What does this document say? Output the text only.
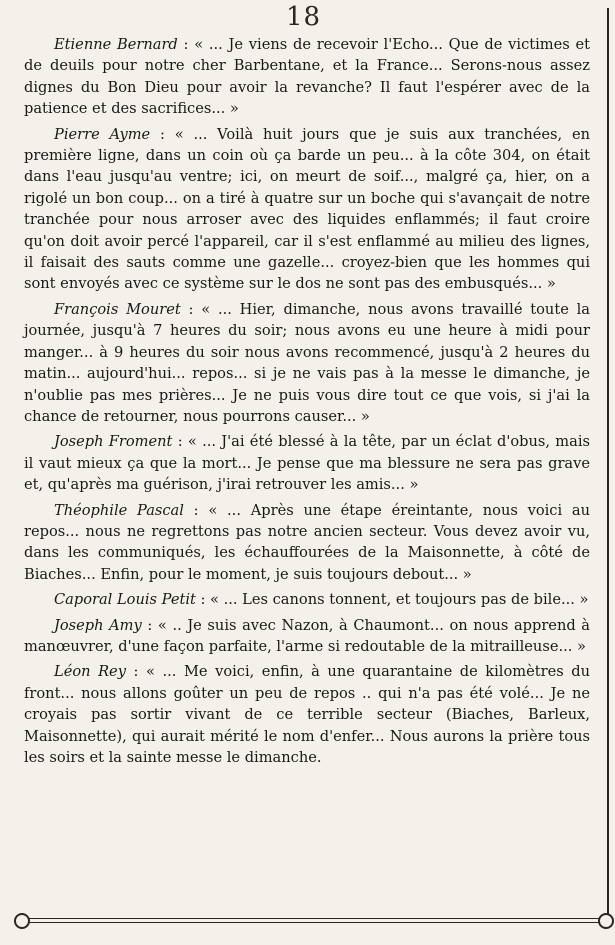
18

Etienne Bernard : « ... Je viens de recevoir l'Echo... Que de victimes et de deuils pour notre cher Barbentane, et la France... Serons-nous assez dignes du Bon Dieu pour avoir la revanche? Il faut l'espérer avec de la patience et des sacrifices... »

Pierre Ayme : « ... Voilà huit jours que je suis aux tranchées, en première ligne, dans un coin où ça barde un peu... à la côte 304, on était dans l'eau jusqu'au ventre; ici, on meurt de soif..., malgré ça, hier, on a rigolé un bon coup... on a tiré à quatre sur un boche qui s'avançait de notre tranchée pour nous arroser avec des liquides enflammés; il faut croire qu'on doit avoir percé l'appareil, car il s'est enflammé au milieu des lignes, il faisait des sauts comme une gazelle... croyez-bien que les hommes qui sont envoyés avec ce système sur le dos ne sont pas des embusqués... »

François Mouret : « ... Hier, dimanche, nous avons travaillé toute la journée, jusqu'à 7 heures du soir; nous avons eu une heure à midi pour manger... à 9 heures du soir nous avons recommencé, jusqu'à 2 heures du matin... aujourd'hui... repos... si je ne vais pas à la messe le dimanche, je n'oublie pas mes prières... Je ne puis vous dire tout ce que vois, si j'ai la chance de retourner, nous pourrons causer... »

Joseph Froment : « ... J'ai été blessé à la tête, par un éclat d'obus, mais il vaut mieux ça que la mort... Je pense que ma blessure ne sera pas grave et, qu'après ma guérison, j'irai retrouver les amis... »

Théophile Pascal : « ... Après une étape éreintante, nous voici au repos... nous ne regrettons pas notre ancien secteur. Vous devez avoir vu, dans les communiqués, les échauffourées de la Maisonnette, à côté de Biaches... Enfin, pour le moment, je suis toujours debout... »

Caporal Louis Petit : « ... Les canons tonnent, et toujours pas de bile... »

Joseph Amy : « .. Je suis avec Nazon, à Chaumont... on nous apprend à manœuvrer, d'une façon parfaite, l'arme si redoutable de la mitrailleuse... »

Léon Rey : « ... Me voici, enfin, à une quarantaine de kilomètres du front... nous allons goûter un peu de repos .. qui n'a pas été volé... Je ne croyais pas sortir vivant de ce terrible secteur (Biaches, Barleux, Maisonnette), qui aurait mérité le nom d'enfer... Nous aurons la prière tous les soirs et la sainte messe le dimanche.
